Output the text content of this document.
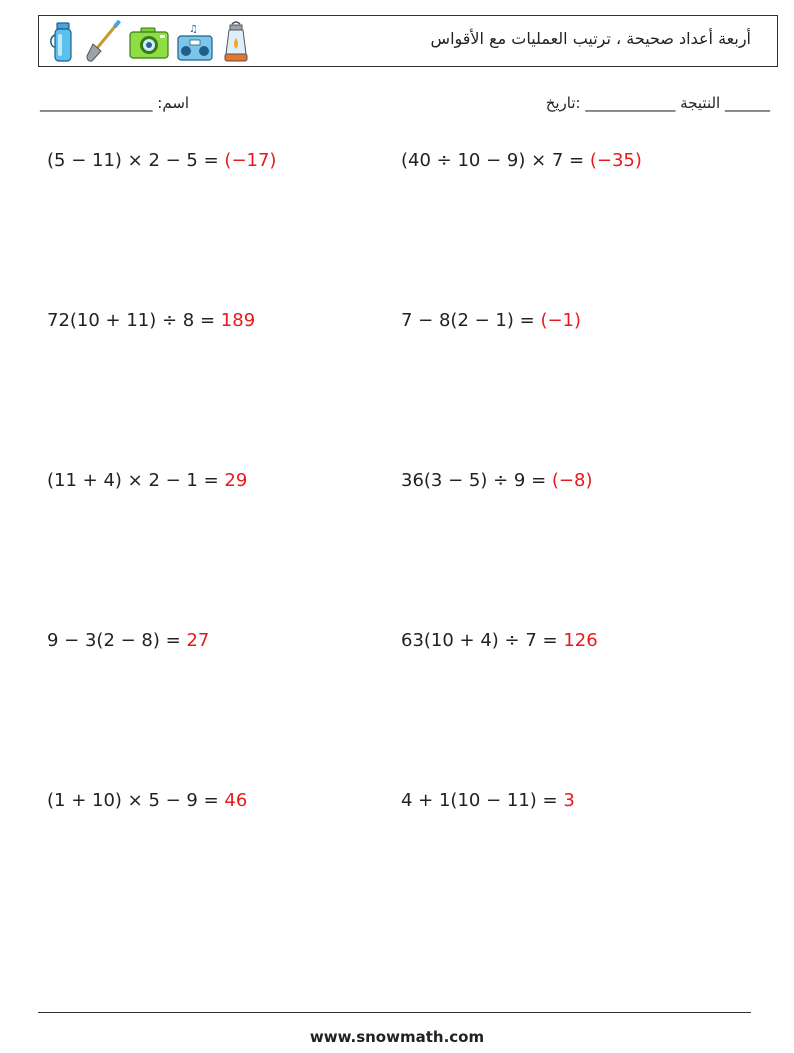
♫	أربعة أعداد صحيحة ، ترتيب العمليات مع الأقواس
_______________ :اسم	النتيجة ____________ :تاريخ	______
(5 − 11) × 2 − 5 = (−17)	(40 ÷ 10 − 9) × 7 = (−35)
72(10 + 11) ÷ 8 = 189	7 − 8(2 − 1) = (−1)
(11 + 4) × 2 − 1 = 29	36(3 − 5) ÷ 9 = (−8)
9 − 3(2 − 8) = 27	63(10 + 4) ÷ 7 = 126
(1 + 10) × 5 − 9 = 46	4 + 1(10 − 11) = 3
www.snowmath.com
